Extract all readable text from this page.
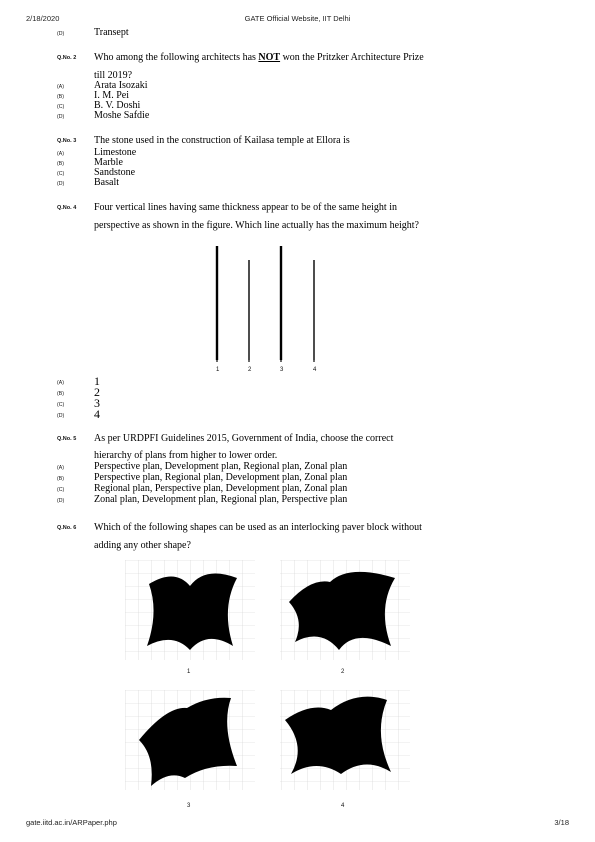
2/18/2020	GATE Official Website, IIT Delhi
(D)	Transept
Q.No. 2 Who among the following architects has NOT won the Pritzker Architecture Prize
till 2019?
(A)	Arata Isozaki
(B)	I. M. Pei
(C)	B. V. Doshi
(D)	Moshe Safdie
Q.No. 3 The stone used in the construction of Kailasa temple at Ellora is
(A)	Limestone
(B)	Marble
(C)	Sandstone
(D)	Basalt
Q.No. 4 Four vertical lines having same thickness appear to be of the same height in
perspective as shown in the figure. Which line actually has the maximum height?
1	2	3	4
(A)	1
(B)	2
(C) 3
(D) 4
Q.No. 5 As per URDPFI Guidelines 2015, Government of India, choose the correct
hierarchy of plans from higher to lower order.
(A)	Perspective plan, Development plan, Regional plan, Zonal plan
(B)	Perspective plan, Regional plan, Development plan, Zonal plan
(C)	Regional plan, Perspective plan, Development plan, Zonal plan
(D)	Zonal plan, Development plan, Regional plan, Perspective plan
Q.No. 6 Which of the following shapes can be used as an interlocking paver block without
adding any other shape?
1	2
3	4
gate.iitd.ac.in/ARPaper.php	3/18
